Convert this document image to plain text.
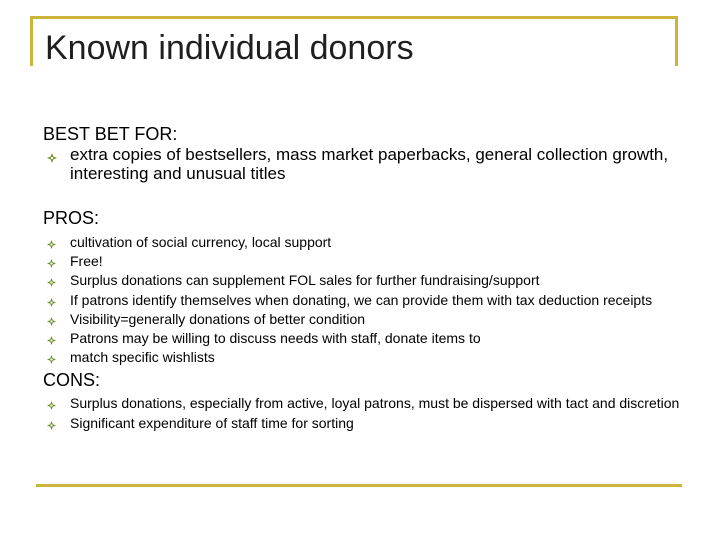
Known individual donors
BEST BET FOR:
extra copies of bestsellers, mass market paperbacks, general collection growth, interesting and unusual titles
PROS:
cultivation of social currency, local support
Free!
Surplus donations can supplement FOL sales for further fundraising/support
If patrons identify themselves when donating, we can provide them with tax deduction receipts
Visibility=generally donations of better condition
Patrons may be willing to discuss needs with staff, donate items to
match specific wishlists
CONS:
Surplus donations, especially from active, loyal patrons, must be dispersed with tact and discretion
Significant expenditure of staff time for sorting
